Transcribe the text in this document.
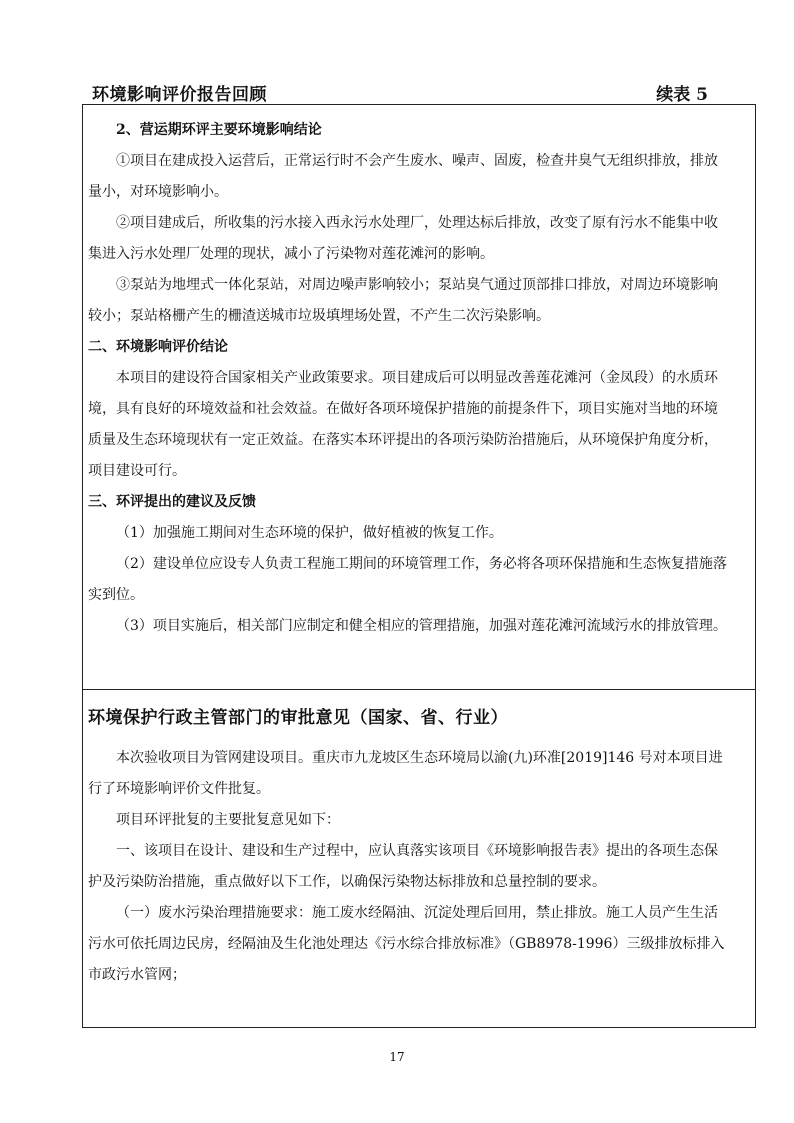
环境影响评价报告回顾	续表 5

2、营运期环评主要环境影响结论

①项目在建成投入运营后，正常运行时不会产生废水、噪声、固废，检查井臭气无组织排放，排放量小，对环境影响小。

②项目建成后，所收集的污水接入西永污水处理厂，处理达标后排放，改变了原有污水不能集中收集进入污水处理厂处理的现状，减小了污染物对莲花滩河的影响。

③泵站为地埋式一体化泵站，对周边噪声影响较小；泵站臭气通过顶部排口排放，对周边环境影响较小；泵站格栅产生的栅渣送城市垃圾填埋场处置，不产生二次污染影响。

二、环境影响评价结论

本项目的建设符合国家相关产业政策要求。项目建成后可以明显改善莲花滩河（金凤段）的水质环境，具有良好的环境效益和社会效益。在做好各项环境保护措施的前提条件下，项目实施对当地的环境质量及生态环境现状有一定正效益。在落实本环评提出的各项污染防治措施后，从环境保护角度分析，项目建设可行。

三、环评提出的建议及反馈

（1）加强施工期间对生态环境的保护，做好植被的恢复工作。

（2）建设单位应设专人负责工程施工期间的环境管理工作，务必将各项环保措施和生态恢复措施落实到位。

（3）项目实施后，相关部门应制定和健全相应的管理措施，加强对莲花滩河流域污水的排放管理。

环境保护行政主管部门的审批意见（国家、省、行业）

本次验收项目为管网建设项目。重庆市九龙坡区生态环境局以渝(九)环准[2019]146 号对本项目进行了环境影响评价文件批复。

项目环评批复的主要批复意见如下：

一、该项目在设计、建设和生产过程中，应认真落实该项目《环境影响报告表》提出的各项生态保护及污染防治措施，重点做好以下工作，以确保污染物达标排放和总量控制的要求。

（一）废水污染治理措施要求：施工废水经隔油、沉淀处理后回用，禁止排放。施工人员产生生活污水可依托周边民房，经隔油及生化池处理达《污水综合排放标准》（GB8978-1996）三级排放标排入市政污水管网；

17
